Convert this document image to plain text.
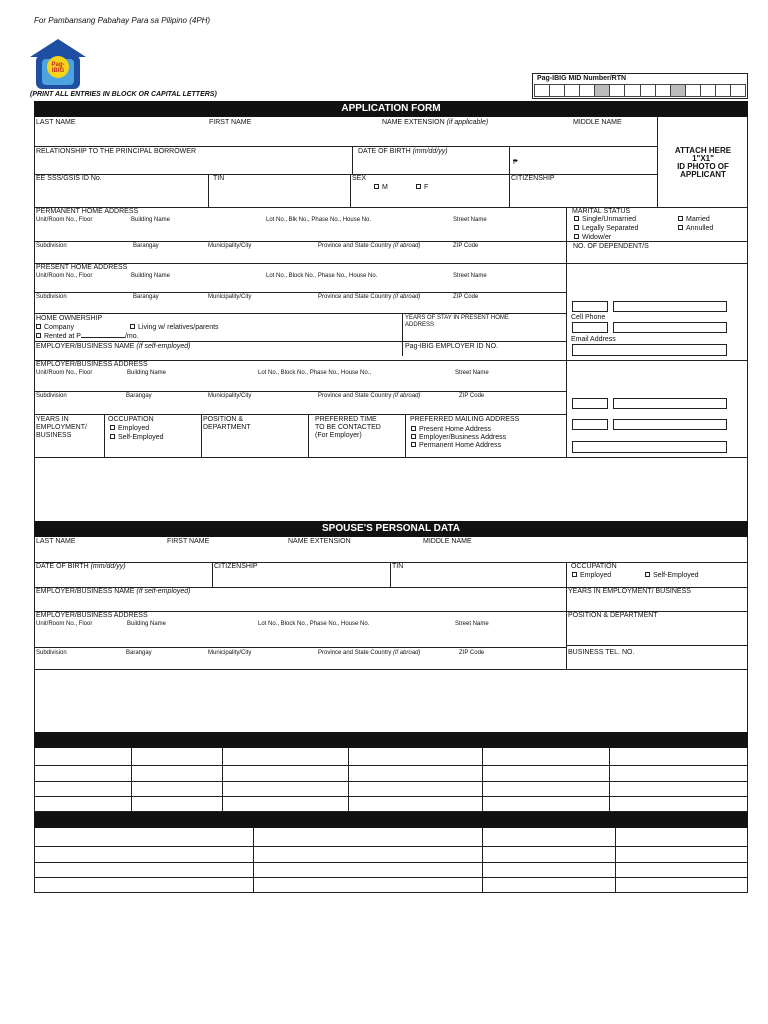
For Pambansang Pabahay Para sa Pilipino (4PH)
Pag-
IBIG
(PRINT ALL ENTRIES IN BLOCK OR CAPITAL LETTERS)
Pag-IBIG MID Number/RTN
APPLICATION FORM
LAST NAME	FIRST NAME	NAME EXTENSION (if applicable)	MIDDLE NAME
ATTACH HERE
1"X1"
ID PHOTO OF
APPLICANT
RELATIONSHIP TO THE PRINCIPAL BORROWER	DATE OF BIRTH (mm/dd/yy)
₱
EE SSS/GSIS ID No.	TIN	SEX
M	F
CITIZENSHIP
PERMANENT HOME ADDRESS
Unit/Room No., Floor	Building Name	Lot No., Blk No., Phase No., House No.	Street Name
Subdivision	Barangay	Municipality/City	Province and State Country (if abroad)	ZIP Code
MARITAL STATUS
Single/Unmarried	Married
Legally Separated	Annulled
Widow/er
NO. OF DEPENDENT/S
PRESENT HOME ADDRESS
Unit/Room No., Floor	Building Name	Lot No., Block No., Phase No., House No.	Street Name
Subdivision	Barangay	Municipality/City	Province and State Country (if abroad)	ZIP Code
Cell Phone
Email Address
HOME OWNERSHIP
Company	Living w/ relatives/parents
Rented at P	/mo.
YEARS OF STAY IN PRESENT HOME
ADDRESS
EMPLOYER/BUSINESS NAME (If self-employed)	Pag-IBIG EMPLOYER ID NO.
EMPLOYER/BUSINESS ADDRESS
Unit/Room No., Floor	Building Name	Lot No., Block No., Phase No., House No.,	Street Name
Subdivision	Barangay	Municipality/City	Province and State Country (if abroad)	ZIP Code
YEARS IN
EMPLOYMENT/
BUSINESS
OCCUPATION
Employed
Self-Employed
POSITION &
DEPARTMENT
PREFERRED TIME
TO BE CONTACTED
(For Employer)
PREFERRED MAILING ADDRESS
Present Home Address
Employer/Business Address
Permanent Home Address
SPOUSE'S PERSONAL DATA
LAST NAME	FIRST NAME	NAME EXTENSION	MIDDLE NAME
DATE OF BIRTH (mm/dd/yy)	CITIZENSHIP	TIN	OCCUPATION
Employed	Self-Employed
EMPLOYER/BUSINESS NAME (If self-employed)	YEARS IN EMPLOYMENT/ BUSINESS
EMPLOYER/BUSINESS ADDRESS	POSITION & DEPARTMENT
Unit/Room No., Floor	Building Name	Lot No., Block No., Phase No., House No.	Street Name
Subdivision	Barangay	Municipality/City	Province and State Country (if abroad)	ZIP Code	BUSINESS TEL. NO.
